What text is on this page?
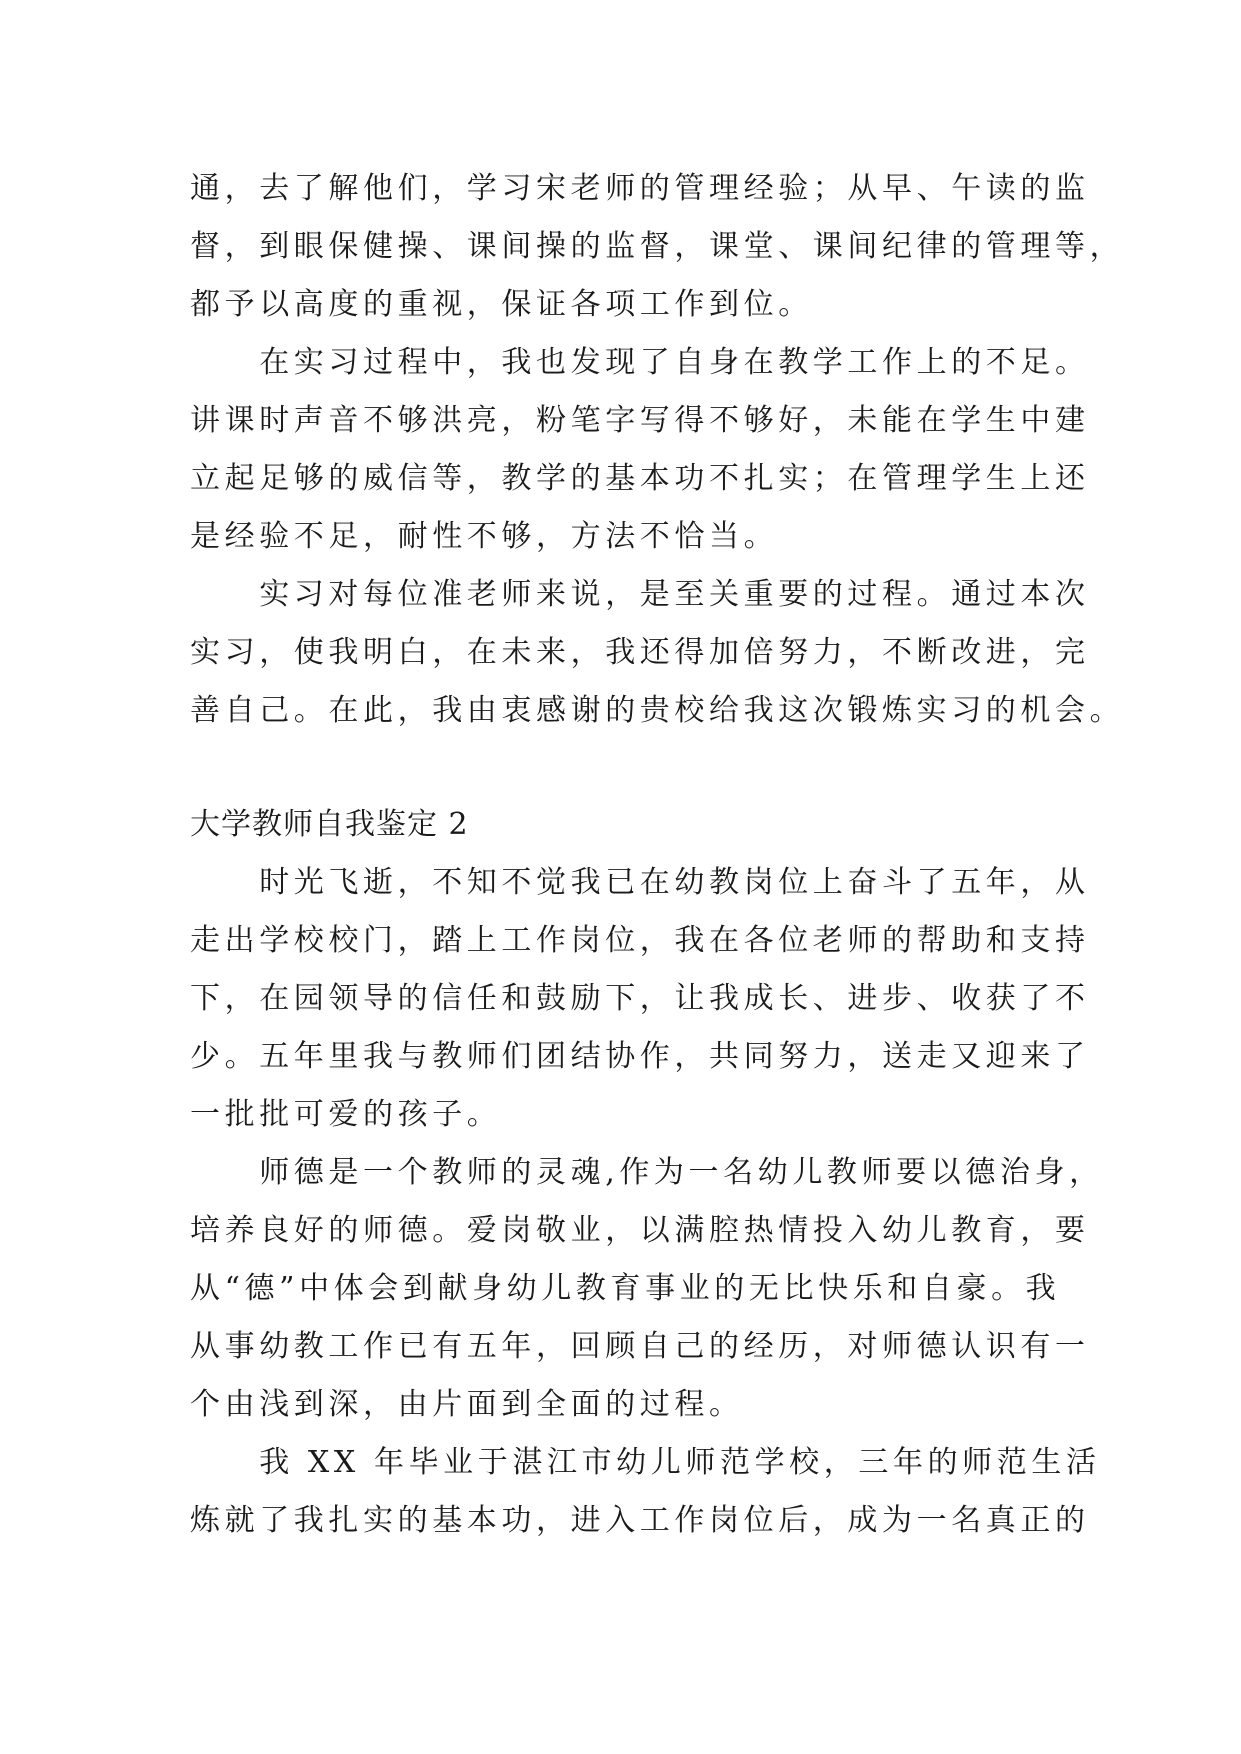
通，去了解他们，学习宋老师的管理经验；从早、午读的监
督，到眼保健操、课间操的监督，课堂、课间纪律的管理等，
都予以高度的重视，保证各项工作到位。
　　在实习过程中，我也发现了自身在教学工作上的不足。
讲课时声音不够洪亮，粉笔字写得不够好，未能在学生中建
立起足够的威信等，教学的基本功不扎实；在管理学生上还
是经验不足，耐性不够，方法不恰当。
　　实习对每位准老师来说，是至关重要的过程。通过本次
实习，使我明白，在未来，我还得加倍努力，不断改进，完
善自己。在此，我由衷感谢的贵校给我这次锻炼实习的机会。
大学教师自我鉴定 2
　　时光飞逝，不知不觉我已在幼教岗位上奋斗了五年，从
走出学校校门，踏上工作岗位，我在各位老师的帮助和支持
下，在园领导的信任和鼓励下，让我成长、进步、收获了不
少。五年里我与教师们团结协作，共同努力，送走又迎来了
一批批可爱的孩子。
　　师德是一个教师的灵魂,作为一名幼儿教师要以德治身，
培养良好的师德。爱岗敬业，以满腔热情投入幼儿教育，要
从“德”中体会到献身幼儿教育事业的无比快乐和自豪。我
从事幼教工作已有五年，回顾自己的经历，对师德认识有一
个由浅到深，由片面到全面的过程。
　　我 XX 年毕业于湛江市幼儿师范学校，三年的师范生活
炼就了我扎实的基本功，进入工作岗位后，成为一名真正的
